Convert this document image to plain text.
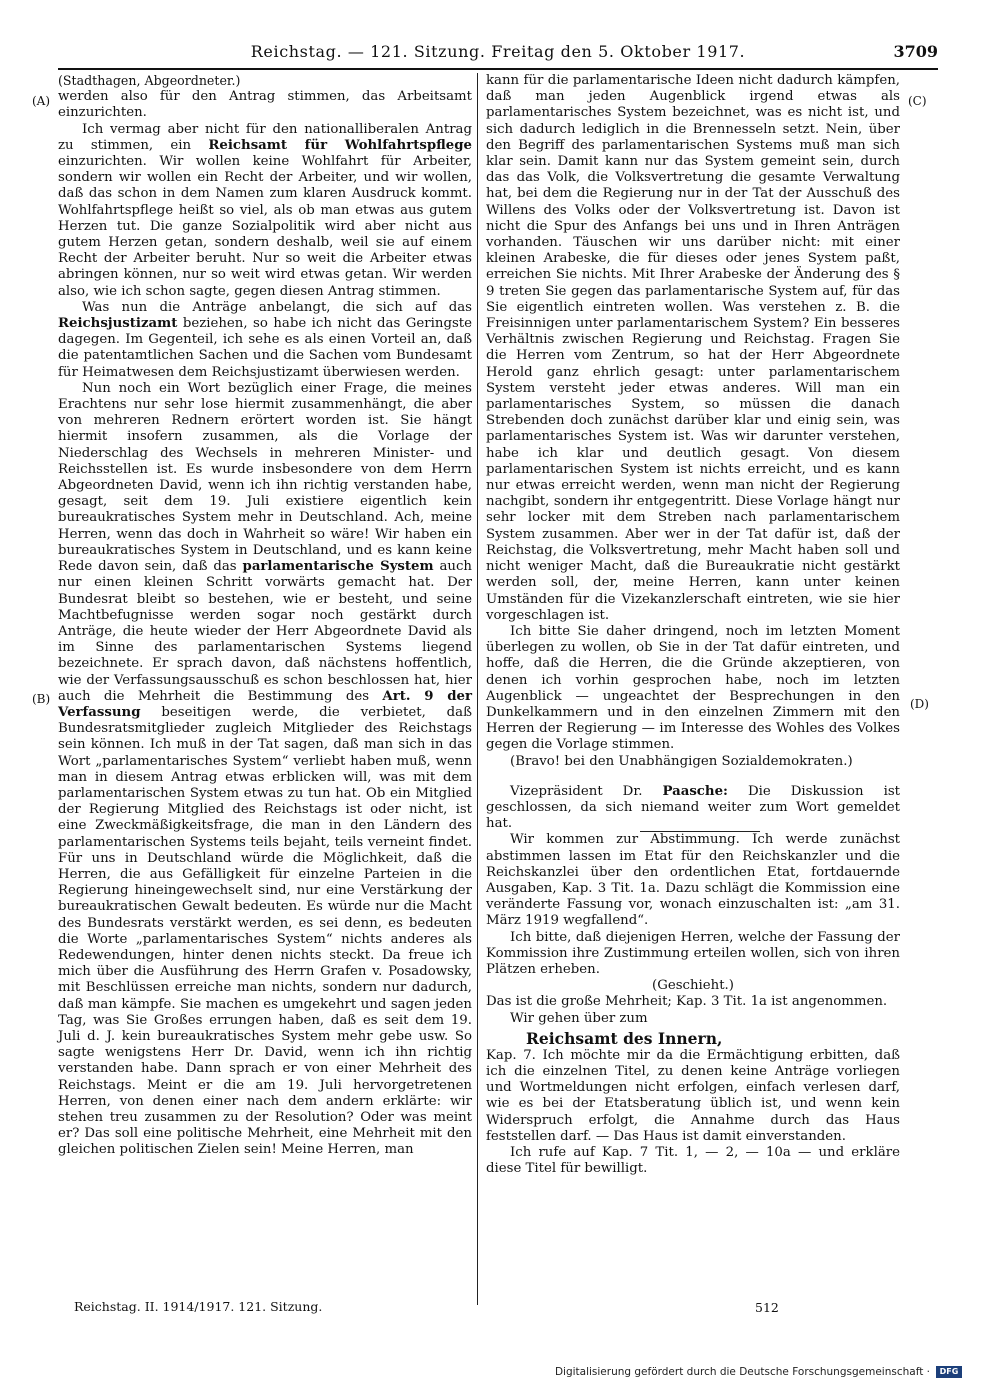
Reichstag. — 121. Sitzung. Freitag den 5. Oktober 1917.	3709
(A)
(B)
(C)
(D)

(Stadthagen, Abgeordneter.)

werden also für den Antrag stimmen, das Arbeitsamt einzurichten.

Ich vermag aber nicht für den nationalliberalen Antrag zu stimmen, ein Reichsamt für Wohlfahrtspflege einzurichten. Wir wollen keine Wohlfahrt für Arbeiter, sondern wir wollen ein Recht der Arbeiter, und wir wollen, daß das schon in dem Namen zum klaren Ausdruck kommt. Wohlfahrtspflege heißt so viel, als ob man etwas aus gutem Herzen tut. Die ganze Sozialpolitik wird aber nicht aus gutem Herzen getan, sondern deshalb, weil sie auf einem Recht der Arbeiter beruht. Nur so weit die Arbeiter etwas abringen können, nur so weit wird etwas getan. Wir werden also, wie ich schon sagte, gegen diesen Antrag stimmen.

Was nun die Anträge anbelangt, die sich auf das Reichsjustizamt beziehen, so habe ich nicht das Geringste dagegen. Im Gegenteil, ich sehe es als einen Vorteil an, daß die patentamtlichen Sachen und die Sachen vom Bundesamt für Heimatwesen dem Reichsjustizamt überwiesen werden.

Nun noch ein Wort bezüglich einer Frage, die meines Erachtens nur sehr lose hiermit zusammenhängt, die aber von mehreren Rednern erörtert worden ist. Sie hängt hiermit insofern zusammen, als die Vorlage der Niederschlag des Wechsels in mehreren Minister- und Reichsstellen ist. Es wurde insbesondere von dem Herrn Abgeordneten David, wenn ich ihn richtig verstanden habe, gesagt, seit dem 19. Juli existiere eigentlich kein bureaukratisches System mehr in Deutschland. Ach, meine Herren, wenn das doch in Wahrheit so wäre! Wir haben ein bureaukratisches System in Deutschland, und es kann keine Rede davon sein, daß das parlamentarische System auch nur einen kleinen Schritt vorwärts gemacht hat. Der Bundesrat bleibt so bestehen, wie er besteht, und seine Machtbefugnisse werden sogar noch gestärkt durch Anträge, die heute wieder der Herr Abgeordnete David als im Sinne des parlamentarischen Systems liegend bezeichnete. Er sprach davon, daß nächstens hoffentlich, wie der Verfassungsausschuß es schon beschlossen hat, hier auch die Mehrheit die Bestimmung des Art. 9 der Verfassung beseitigen werde, die verbietet, daß Bundesratsmitglieder zugleich Mitglieder des Reichstags sein können. Ich muß in der Tat sagen, daß man sich in das Wort „parlamentarisches System“ verliebt haben muß, wenn man in diesem Antrag etwas erblicken will, was mit dem parlamentarischen System etwas zu tun hat. Ob ein Mitglied der Regierung Mitglied des Reichstags ist oder nicht, ist eine Zweckmäßigkeitsfrage, die man in den Ländern des parlamentarischen Systems teils bejaht, teils verneint findet. Für uns in Deutschland würde die Möglichkeit, daß die Herren, die aus Gefälligkeit für einzelne Parteien in die Regierung hineingewechselt sind, nur eine Verstärkung der bureaukratischen Gewalt bedeuten. Es würde nur die Macht des Bundesrats verstärkt werden, es sei denn, es bedeuten die Worte „parlamentarisches System“ nichts anderes als Redewendungen, hinter denen nichts steckt. Da freue ich mich über die Ausführung des Herrn Grafen v. Posadowsky, mit Beschlüssen erreiche man nichts, sondern nur dadurch, daß man kämpfe. Sie machen es umgekehrt und sagen jeden Tag, was Sie Großes errungen haben, daß es seit dem 19. Juli d. J. kein bureaukratisches System mehr gebe usw. So sagte wenigstens Herr Dr. David, wenn ich ihn richtig verstanden habe. Dann sprach er von einer Mehrheit des Reichstags. Meint er die am 19. Juli hervorgetretenen Herren, von denen einer nach dem andern erklärte: wir stehen treu zusammen zu der Resolution? Oder was meint er? Das soll eine politische Mehrheit, eine Mehrheit mit den gleichen politischen Zielen sein! Meine Herren, man

kann für die parlamentarische Ideen nicht dadurch kämpfen, daß man jeden Augenblick irgend etwas als parlamentarisches System bezeichnet, was es nicht ist, und sich dadurch lediglich in die Brennesseln setzt. Nein, über den Begriff des parlamentarischen Systems muß man sich klar sein. Damit kann nur das System gemeint sein, durch das das Volk, die Volksvertretung die gesamte Verwaltung hat, bei dem die Regierung nur in der Tat der Ausschuß des Willens des Volks oder der Volksvertretung ist. Davon ist nicht die Spur des Anfangs bei uns und in Ihren Anträgen vorhanden. Täuschen wir uns darüber nicht: mit einer kleinen Arabeske, die für dieses oder jenes System paßt, erreichen Sie nichts. Mit Ihrer Arabeske der Änderung des § 9 treten Sie gegen das parlamentarische System auf, für das Sie eigentlich eintreten wollen. Was verstehen z. B. die Freisinnigen unter parlamentarischem System? Ein besseres Verhältnis zwischen Regierung und Reichstag. Fragen Sie die Herren vom Zentrum, so hat der Herr Abgeordnete Herold ganz ehrlich gesagt: unter parlamentarischem System versteht jeder etwas anderes. Will man ein parlamentarisches System, so müssen die danach Strebenden doch zunächst darüber klar und einig sein, was parlamentarisches System ist. Was wir darunter verstehen, habe ich klar und deutlich gesagt. Von diesem parlamentarischen System ist nichts erreicht, und es kann nur etwas erreicht werden, wenn man nicht der Regierung nachgibt, sondern ihr entgegentritt. Diese Vorlage hängt nur sehr locker mit dem Streben nach parlamentarischem System zusammen. Aber wer in der Tat dafür ist, daß der Reichstag, die Volksvertretung, mehr Macht haben soll und nicht weniger Macht, daß die Bureaukratie nicht gestärkt werden soll, der, meine Herren, kann unter keinen Umständen für die Vizekanzlerschaft eintreten, wie sie hier vorgeschlagen ist.

Ich bitte Sie daher dringend, noch im letzten Moment überlegen zu wollen, ob Sie in der Tat dafür eintreten, und hoffe, daß die Herren, die die Gründe akzeptieren, von denen ich vorhin gesprochen habe, noch im letzten Augenblick — ungeachtet der Besprechungen in den Dunkelkammern und in den einzelnen Zimmern mit den Herren der Regierung — im Interesse des Wohles des Volkes gegen die Vorlage stimmen.

(Bravo! bei den Unabhängigen Sozialdemokraten.)

Vizepräsident Dr. Paasche: Die Diskussion ist geschlossen, da sich niemand weiter zum Wort gemeldet hat.

Wir kommen zur Abstimmung. Ich werde zunächst abstimmen lassen im Etat für den Reichskanzler und die Reichskanzlei über den ordentlichen Etat, fortdauernde Ausgaben, Kap. 3 Tit. 1a. Dazu schlägt die Kommission eine veränderte Fassung vor, wonach einzuschalten ist: „am 31. März 1919 wegfallend“.

Ich bitte, daß diejenigen Herren, welche der Fassung der Kommission ihre Zustimmung erteilen wollen, sich von ihren Plätzen erheben.

(Geschieht.)

Das ist die große Mehrheit; Kap. 3 Tit. 1a ist angenommen.

Wir gehen über zum

Reichsamt des Innern,

Kap. 7. Ich möchte mir da die Ermächtigung erbitten, daß ich die einzelnen Titel, zu denen keine Anträge vorliegen und Wortmeldungen nicht erfolgen, einfach verlesen darf, wie es bei der Etatsberatung üblich ist, und wenn kein Widerspruch erfolgt, die Annahme durch das Haus feststellen darf. — Das Haus ist damit einverstanden.

Ich rufe auf Kap. 7 Tit. 1, — 2, — 10a — und erkläre diese Titel für bewilligt.

Reichstag. II. 1914/1917. 121. Sitzung.	512
Digitalisierung gefördert durch die Deutsche Forschungsgemeinschaft ·	DFG
